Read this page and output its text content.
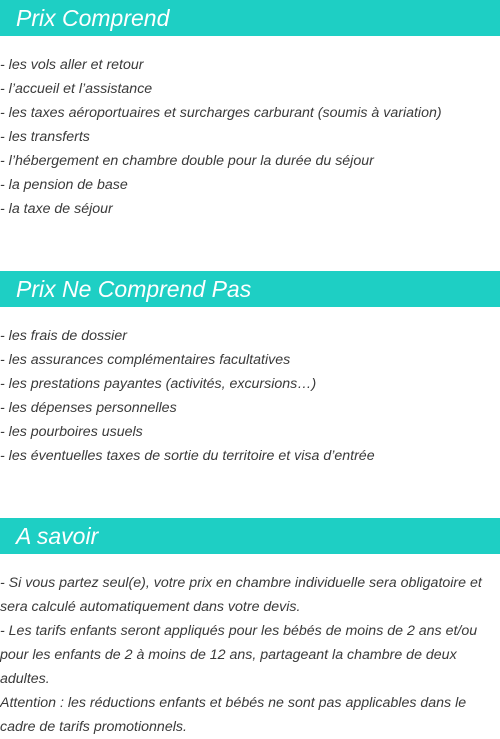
Prix Comprend
- les vols aller et retour
- l’accueil et l’assistance
- les taxes aéroportuaires et surcharges carburant (soumis à variation)
- les transferts
- l’hébergement en chambre double pour la durée du séjour
- la pension de base
- la taxe de séjour
Prix Ne Comprend Pas
- les frais de dossier
- les assurances complémentaires facultatives
- les prestations payantes (activités, excursions…)
- les dépenses personnelles
- les pourboires usuels
- les éventuelles taxes de sortie du territoire et visa d’entrée
A savoir

- Si vous partez seul(e), votre prix en chambre individuelle sera obligatoire et sera calculé automatiquement dans votre devis.

- Les tarifs enfants seront appliqués pour les bébés de moins de 2 ans et/ou pour les enfants de 2 à moins de 12 ans, partageant la chambre de deux adultes.

Attention : les réductions enfants et bébés ne sont pas applicables dans le cadre de tarifs promotionnels.
